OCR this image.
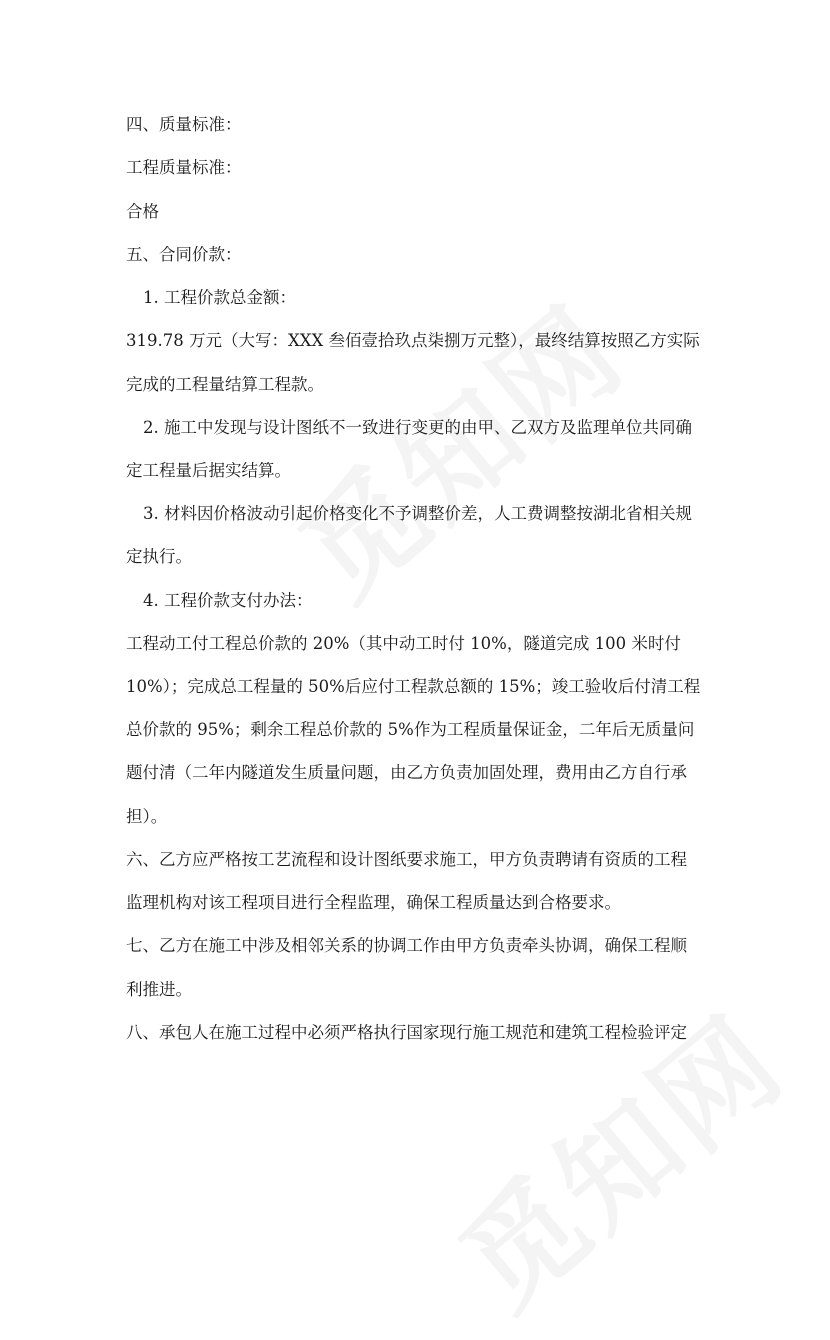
四、质量标准：
工程质量标准：
合格
五、合同价款：
1. 工程价款总金额：
319.78 万元（大写：XXX 叁佰壹拾玖点柒捌万元整），最终结算按照乙方实际
完成的工程量结算工程款。
2. 施工中发现与设计图纸不一致进行变更的由甲、乙双方及监理单位共同确
定工程量后据实结算。
3. 材料因价格波动引起价格变化不予调整价差，人工费调整按湖北省相关规
定执行。
4. 工程价款支付办法：
工程动工付工程总价款的 20%（其中动工时付 10%，隧道完成 100 米时付
10%）；完成总工程量的 50%后应付工程款总额的 15%；竣工验收后付清工程
总价款的 95%；剩余工程总价款的 5%作为工程质量保证金，二年后无质量问
题付清（二年内隧道发生质量问题，由乙方负责加固处理，费用由乙方自行承
担）。
六、乙方应严格按工艺流程和设计图纸要求施工，甲方负责聘请有资质的工程
监理机构对该工程项目进行全程监理，确保工程质量达到合格要求。
七、乙方在施工中涉及相邻关系的协调工作由甲方负责牵头协调，确保工程顺
利推进。
八、承包人在施工过程中必须严格执行国家现行施工规范和建筑工程检验评定
